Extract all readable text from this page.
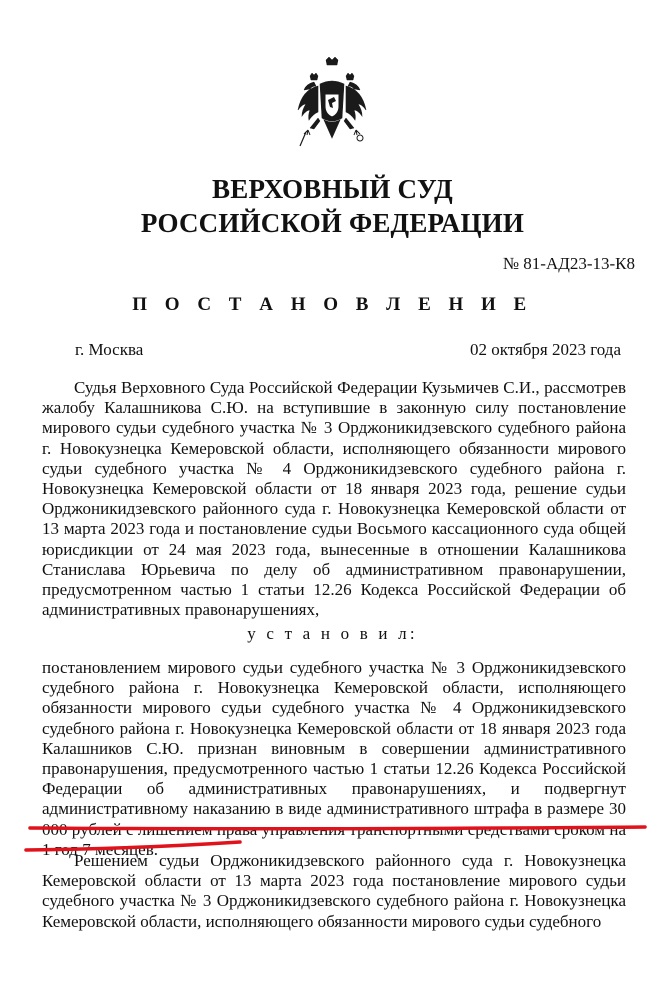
ВЕРХОВНЫЙ СУД
РОССИЙСКОЙ ФЕДЕРАЦИИ
№ 81-АД23-13-К8
П О С Т А Н О В Л Е Н И Е
г. Москва	02 октября 2023 года

Судья Верховного Суда Российской Федерации Кузьмичев С.И., рассмотрев жалобу Калашникова С.Ю. на вступившие в законную силу постановление мирового судьи судебного участка № 3 Орджоникидзевского судебного района г. Новокузнецка Кемеровской области, исполняющего обязанности мирового судьи судебного участка № 4 Орджоникидзевского судебного района г. Новокузнецка Кемеровской области от 18 января 2023 года, решение судьи Орджоникидзевского районного суда г. Новокузнецка Кемеровской области от 13 марта 2023 года и постановление судьи Восьмого кассационного суда общей юрисдикции от 24 мая 2023 года, вынесенные в отношении Калашникова Станислава Юрьевича по делу об административном правонарушении, предусмотренном частью 1 статьи 12.26 Кодекса Российской Федерации об административных правонарушениях,

у с т а н о в и л:

постановлением мирового судьи судебного участка № 3 Орджоникидзевского судебного района г. Новокузнецка Кемеровской области, исполняющего обязанности мирового судьи судебного участка № 4 Орджоникидзевского судебного района г. Новокузнецка Кемеровской области от 18 января 2023 года Калашников С.Ю. признан виновным в совершении административного правонарушения, предусмотренного частью 1 статьи 12.26 Кодекса Российской Федерации об административных правонарушениях, и подвергнут административному наказанию в виде административного штрафа в размере 30 000 рублей с лишением права управления транспортными средствами сроком на 1 год 7 месяцев.

Решением судьи Орджоникидзевского районного суда г. Новокузнецка Кемеровской области от 13 марта 2023 года постановление мирового судьи судебного участка № 3 Орджоникидзевского судебного района г. Новокузнецка Кемеровской области, исполняющего обязанности мирового судьи судебного
